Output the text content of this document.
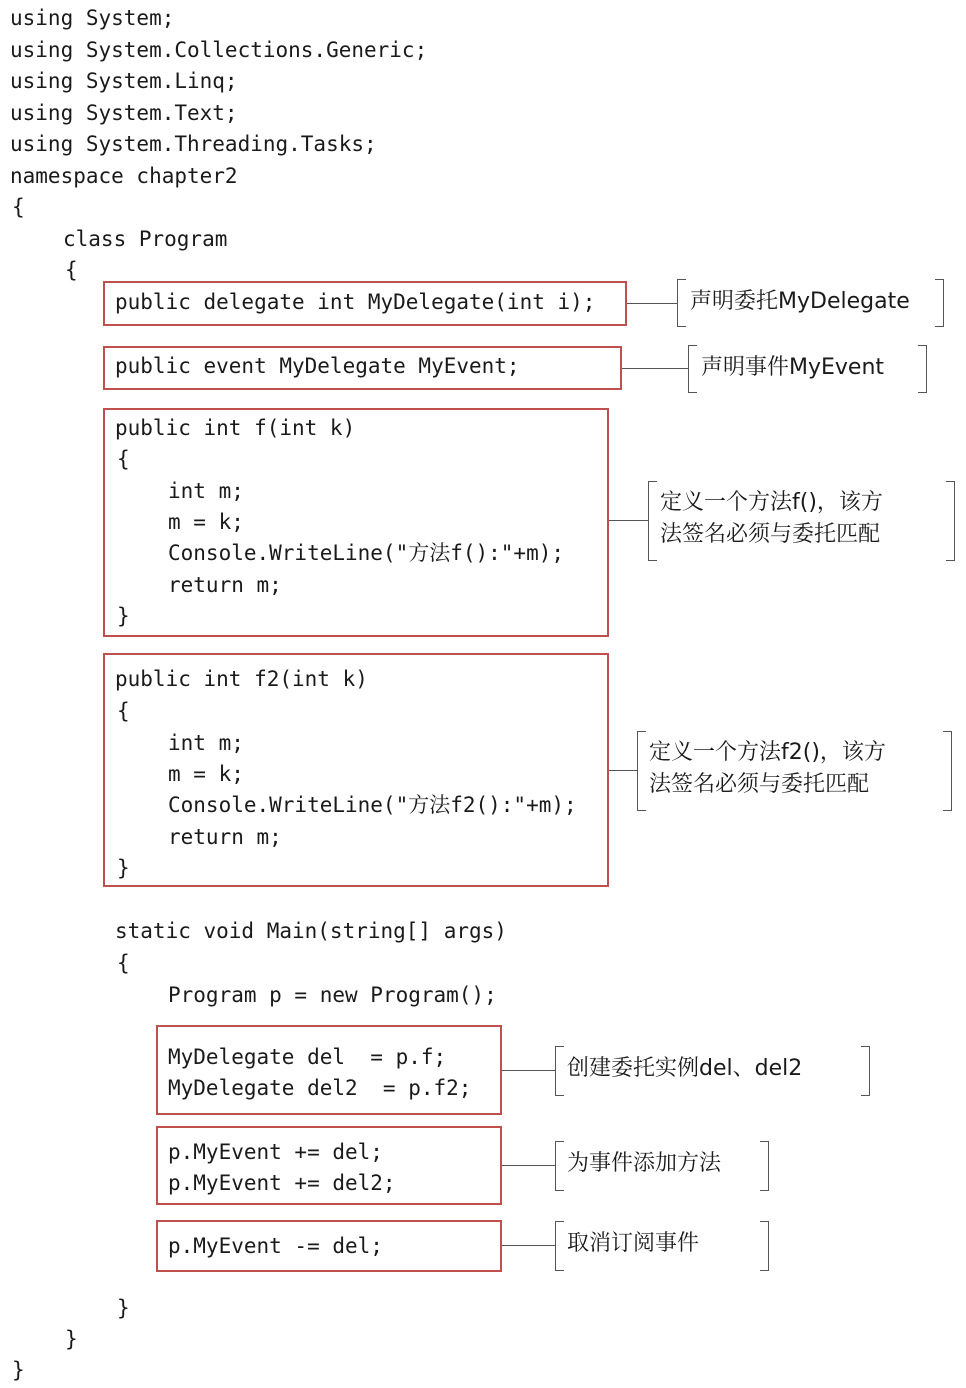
using System;
using System.Collections.Generic;
using System.Linq;
using System.Text;
using System.Threading.Tasks;
namespace chapter2
{
class Program
{
public delegate int MyDelegate(int i);	声明委托MyDelegate
public event MyDelegate MyEvent;	声明事件MyEvent
public int f(int k)
{
int m;
m = k;
Console.WriteLine("方法f():"+m);
return m;
}
定义一个方法f()，该方
法签名必须与委托匹配
public int f2(int k)
{
int m;
m = k;
Console.WriteLine("方法f2():"+m);
return m;
}
定义一个方法f2()，该方
法签名必须与委托匹配
static void Main(string[] args)
{
Program p = new Program();
MyDelegate del  = p.f;
MyDelegate del2  = p.f2;
创建委托实例del、del2
p.MyEvent += del;
p.MyEvent += del2;
为事件添加方法
p.MyEvent -= del;	取消订阅事件
}
}
}
